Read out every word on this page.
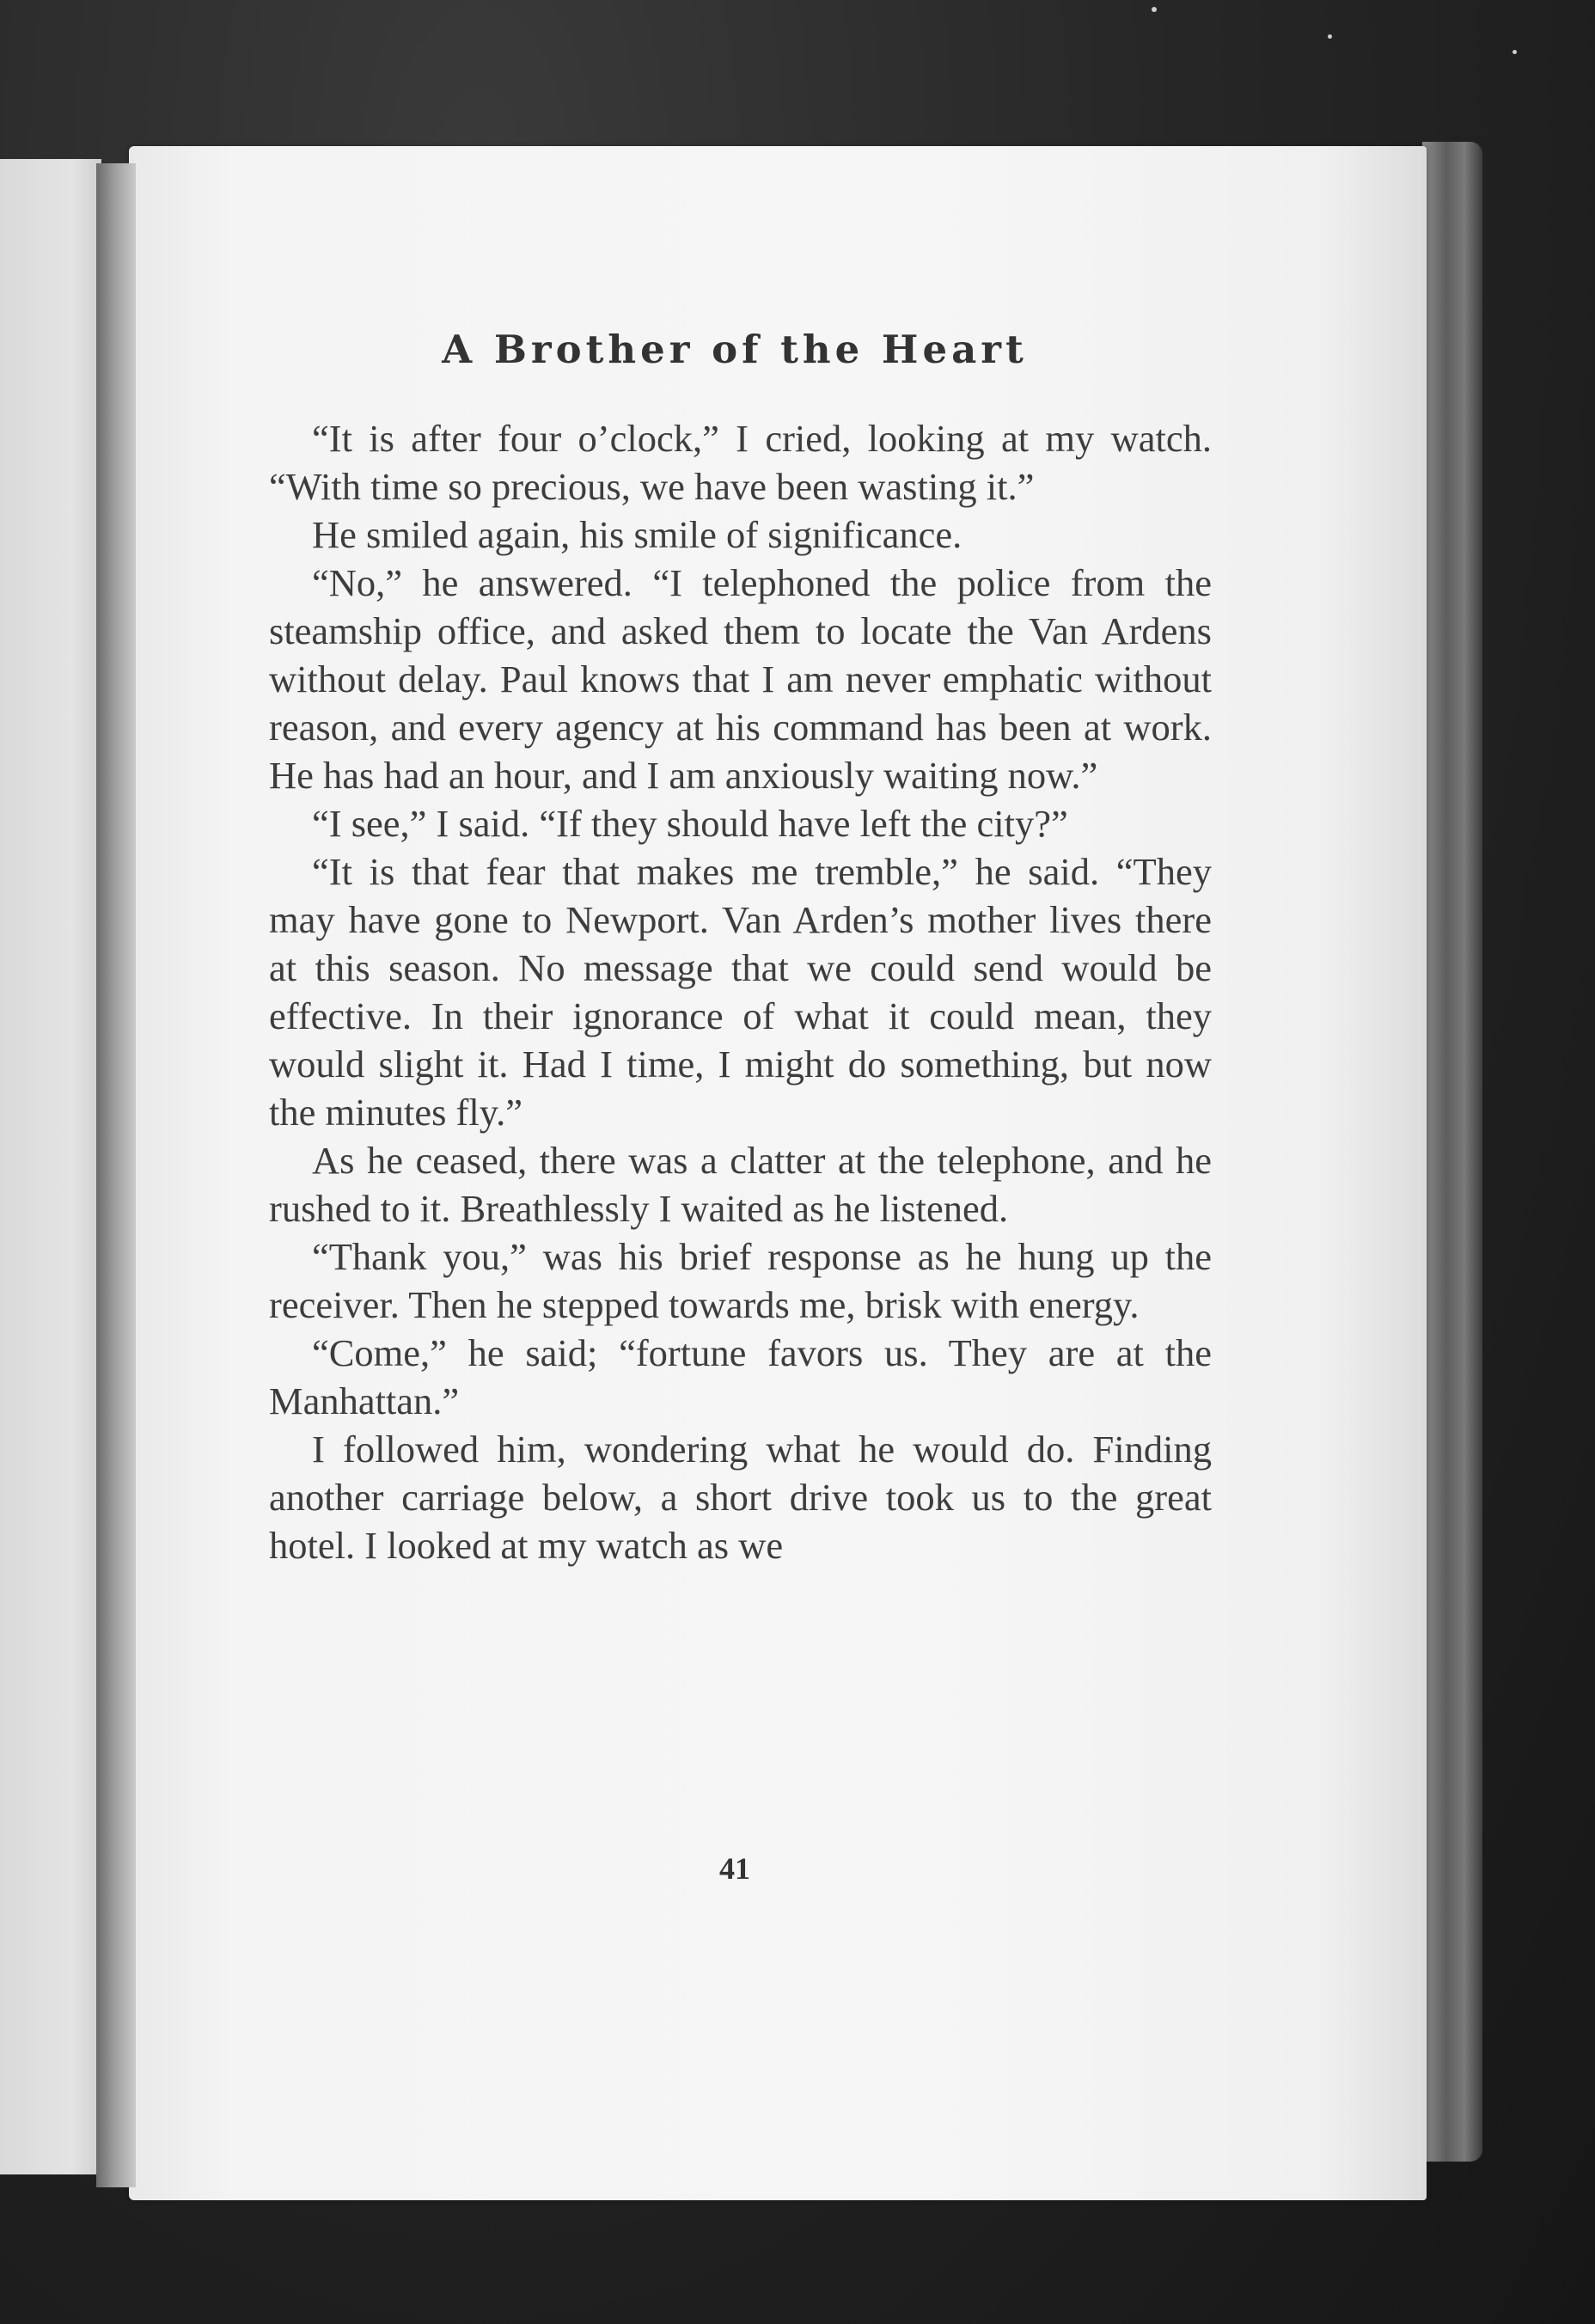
A Brother of the Heart

“It is after four o’clock,” I cried, looking at my watch. “With time so precious, we have been wasting it.”

He smiled again, his smile of significance.

“No,” he answered. “I telephoned the police from the steamship office, and asked them to locate the Van Ardens without delay. Paul knows that I am never emphatic without reason, and every agency at his command has been at work. He has had an hour, and I am anxiously waiting now.”

“I see,” I said. “If they should have left the city?”

“It is that fear that makes me tremble,” he said. “They may have gone to Newport. Van Arden’s mother lives there at this season. No message that we could send would be effective. In their ignorance of what it could mean, they would slight it. Had I time, I might do something, but now the minutes fly.”

As he ceased, there was a clatter at the telephone, and he rushed to it. Breathlessly I waited as he listened.

“Thank you,” was his brief response as he hung up the receiver. Then he stepped towards me, brisk with energy.

“Come,” he said; “fortune favors us. They are at the Manhattan.”

I followed him, wondering what he would do. Finding another carriage below, a short drive took us to the great hotel. I looked at my watch as we

41
